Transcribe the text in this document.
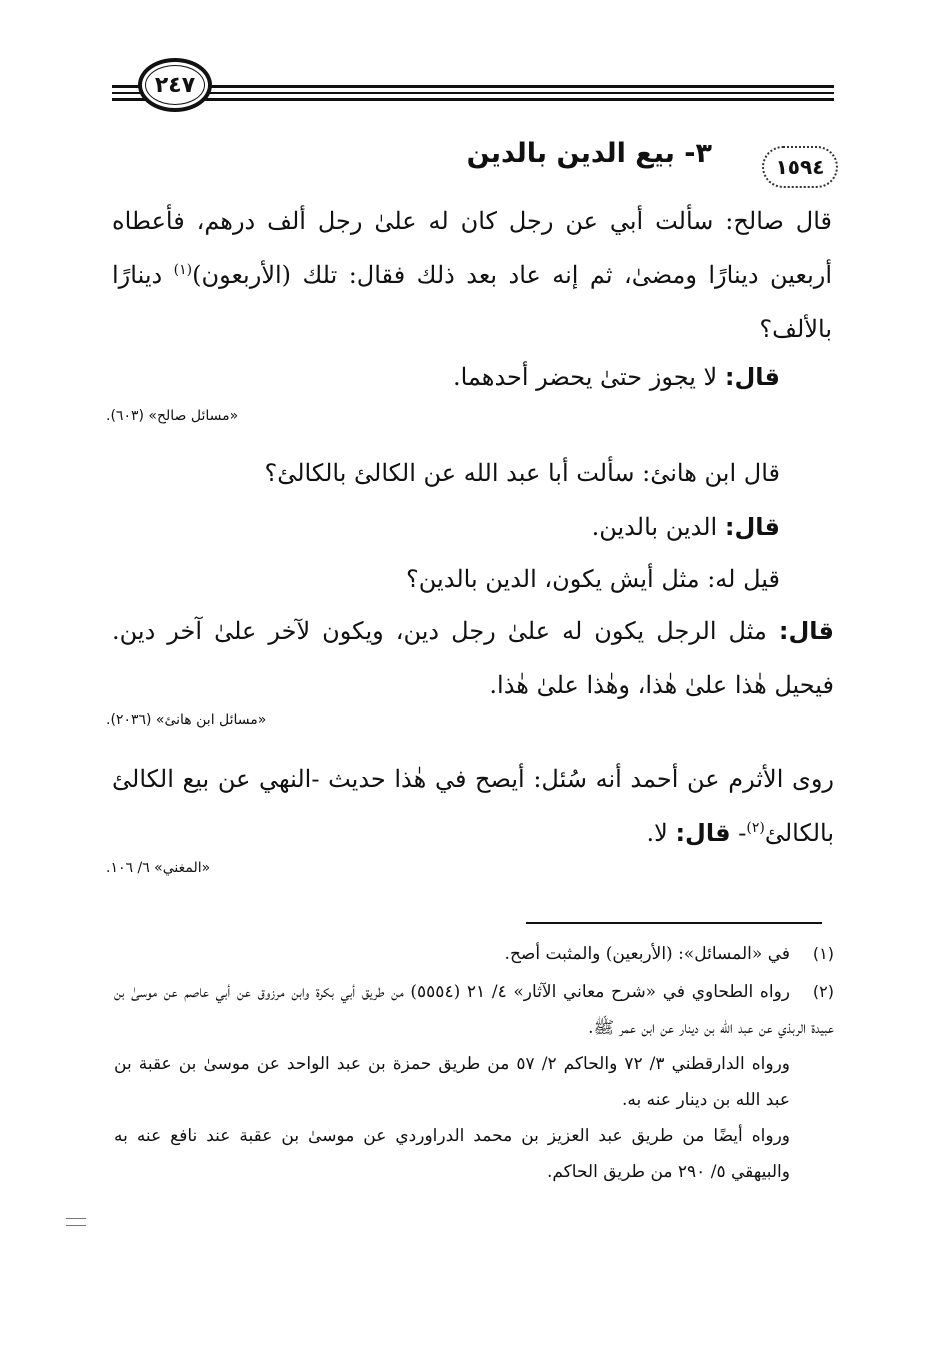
٢٤٧
٣- بيع الدين بالدين	١٥٩٤
قال صالح: سألت أبي عن رجل كان له علىٰ رجل ألف درهم، فأعطاه أربعين دينارًا ومضىٰ، ثم إنه عاد بعد ذلك فقال: تلك (الأربعون)$^{(١)}$ دينارًا بالألف؟
قال: لا يجوز حتىٰ يحضر أحدهما.
«مسائل صالح» (٦٠٣).
قال ابن هانئ: سألت أبا عبد الله عن الكالئ بالكالئ؟
قال: الدين بالدين.
قيل له: مثل أيش يكون، الدين بالدين؟
قال: مثل الرجل يكون له علىٰ رجل دين، ويكون لآخر علىٰ آخر دين. فيحيل هٰذا علىٰ هٰذا، وهٰذا علىٰ هٰذا.
«مسائل ابن هانئ» (٢٠٣٦).
روى الأثرم عن أحمد أنه سُئل: أيصح في هٰذا حديث -النهي عن بيع الكالئ بالكالئ$^{(٢)}$- قال: لا.
«المغني» ٦/ ١٠٦.
(١)في «المسائل»: (الأربعين) والمثبت أصح.
(٢)رواه الطحاوي في «شرح معاني الآثار» ٤/ ٢١ (٥٥٥٤) من طريق أبي بكرة وابن مرزوق عن أبي عاصم عن موسىٰ بن عبيدة الربذي عن عبد الله بن دينار عن ابن عمر ﷺ.
ورواه الدارقطني ٣/ ٧٢ والحاكم ٢/ ٥٧ من طريق حمزة بن عبد الواحد عن موسىٰ بن عقبة بن عبد الله بن دينار عنه به.
ورواه أيضًا من طريق عبد العزيز بن محمد الدراوردي عن موسىٰ بن عقبة عند نافع عنه به والبيهقي ٥/ ٢٩٠ من طريق الحاكم.
